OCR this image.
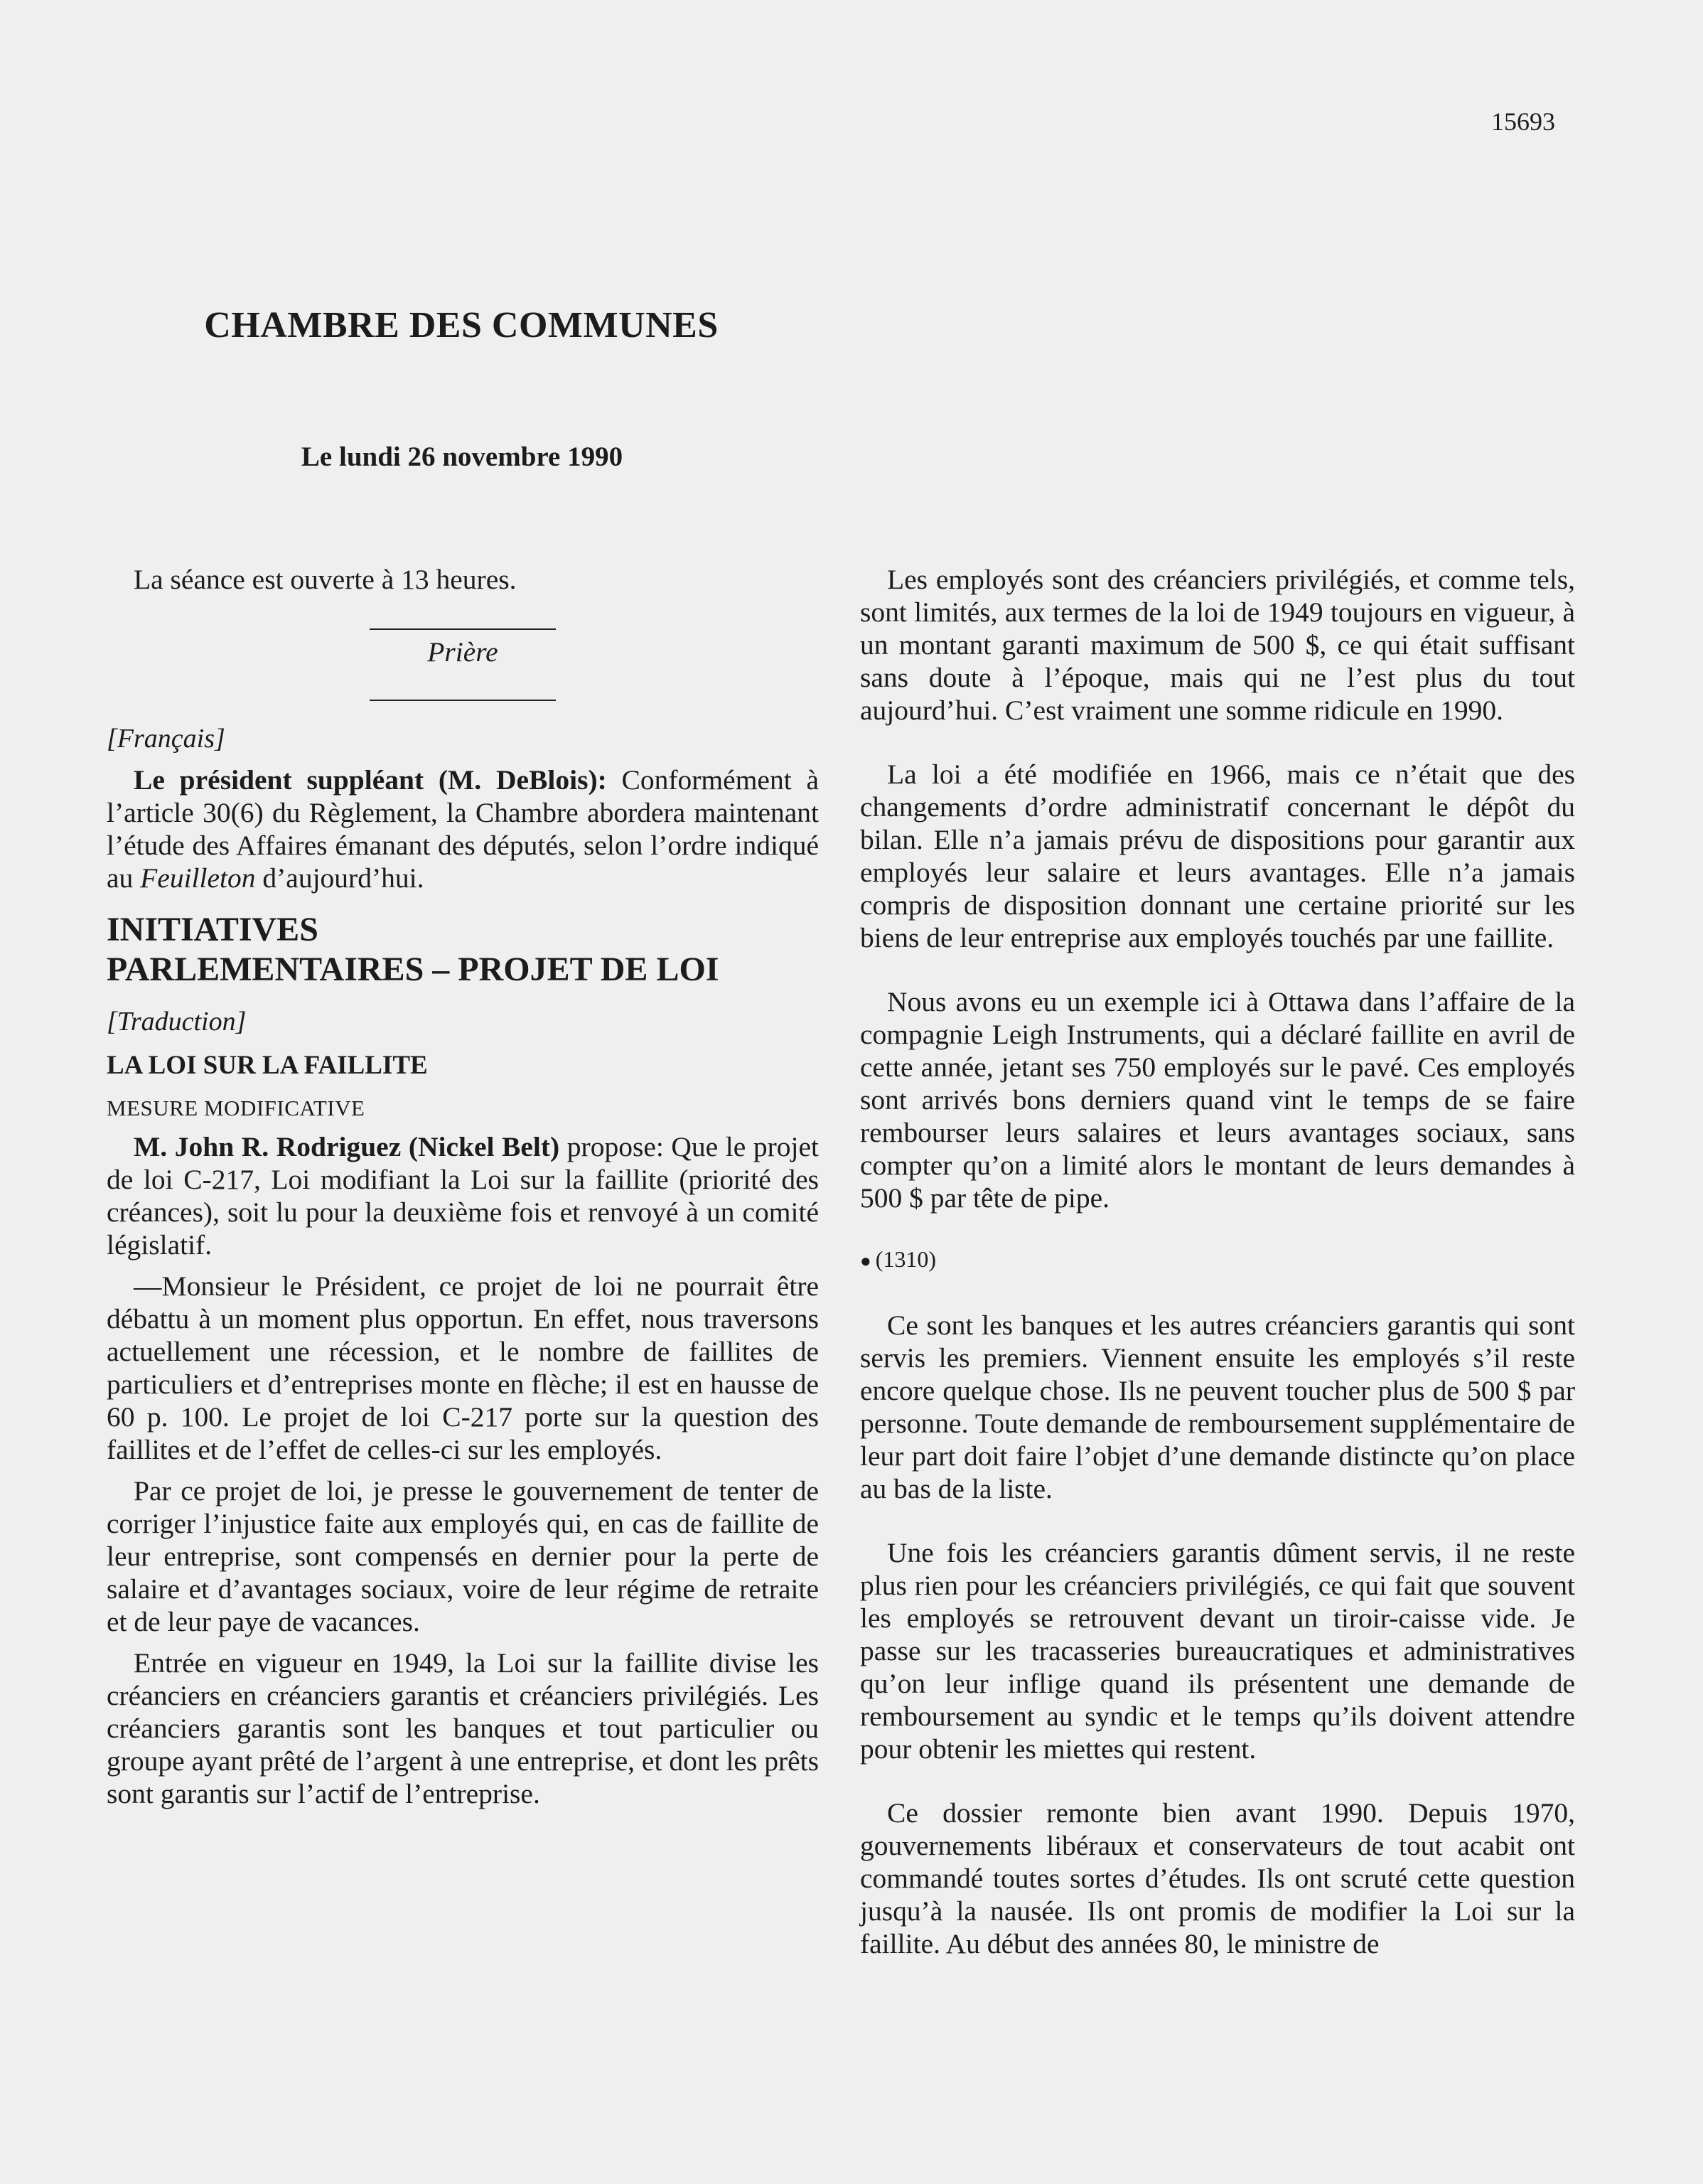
15693
CHAMBRE DES COMMUNES
Le lundi 26 novembre 1990

La séance est ouverte à 13 heures.

Prière

[Français]

Le président suppléant (M. DeBlois): Conformément à l’article 30(6) du Règlement, la Chambre abordera maintenant l’étude des Affaires émanant des députés, selon l’ordre indiqué au Feuilleton d’aujourd’hui.

INITIATIVES

PARLEMENTAIRES – PROJET DE LOI

[Traduction]

LA LOI SUR LA FAILLITE

MESURE MODIFICATIVE

M. John R. Rodriguez (Nickel Belt) propose: Que le projet de loi C-217, Loi modifiant la Loi sur la faillite (priorité des créances), soit lu pour la deuxième fois et renvoyé à un comité législatif.

—Monsieur le Président, ce projet de loi ne pourrait être débattu à un moment plus opportun. En effet, nous traversons actuellement une récession, et le nombre de faillites de particuliers et d’entreprises monte en flèche; il est en hausse de 60 p. 100. Le projet de loi C-217 porte sur la question des faillites et de l’effet de celles-ci sur les employés.

Par ce projet de loi, je presse le gouvernement de tenter de corriger l’injustice faite aux employés qui, en cas de faillite de leur entreprise, sont compensés en dernier pour la perte de salaire et d’avantages sociaux, voire de leur régime de retraite et de leur paye de vacances.

Entrée en vigueur en 1949, la Loi sur la faillite divise les créanciers en créanciers garantis et créanciers privilégiés. Les créanciers garantis sont les banques et tout particulier ou groupe ayant prêté de l’argent à une entreprise, et dont les prêts sont garantis sur l’actif de l’entreprise.

Les employés sont des créanciers privilégiés, et comme tels, sont limités, aux termes de la loi de 1949 toujours en vigueur, à un montant garanti maximum de 500 $, ce qui était suffisant sans doute à l’époque, mais qui ne l’est plus du tout aujourd’hui. C’est vraiment une somme ridicule en 1990.

La loi a été modifiée en 1966, mais ce n’était que des changements d’ordre administratif concernant le dépôt du bilan. Elle n’a jamais prévu de dispositions pour garantir aux employés leur salaire et leurs avantages. Elle n’a jamais compris de disposition donnant une certaine priorité sur les biens de leur entreprise aux employés touchés par une faillite.

Nous avons eu un exemple ici à Ottawa dans l’affaire de la compagnie Leigh Instruments, qui a déclaré faillite en avril de cette année, jetant ses 750 employés sur le pavé. Ces employés sont arrivés bons derniers quand vint le temps de se faire rembourser leurs salaires et leurs avantages sociaux, sans compter qu’on a limité alors le montant de leurs demandes à 500 $ par tête de pipe.

● (1310)

Ce sont les banques et les autres créanciers garantis qui sont servis les premiers. Viennent ensuite les employés s’il reste encore quelque chose. Ils ne peuvent toucher plus de 500 $ par personne. Toute demande de remboursement supplémentaire de leur part doit faire l’objet d’une demande distincte qu’on place au bas de la liste.

Une fois les créanciers garantis dûment servis, il ne reste plus rien pour les créanciers privilégiés, ce qui fait que souvent les employés se retrouvent devant un tiroir-caisse vide. Je passe sur les tracasseries bureaucratiques et administratives qu’on leur inflige quand ils présentent une demande de remboursement au syndic et le temps qu’ils doivent attendre pour obtenir les miettes qui restent.

Ce dossier remonte bien avant 1990. Depuis 1970, gouvernements libéraux et conservateurs de tout acabit ont commandé toutes sortes d’études. Ils ont scruté cette question jusqu’à la nausée. Ils ont promis de modifier la Loi sur la faillite. Au début des années 80, le ministre de
